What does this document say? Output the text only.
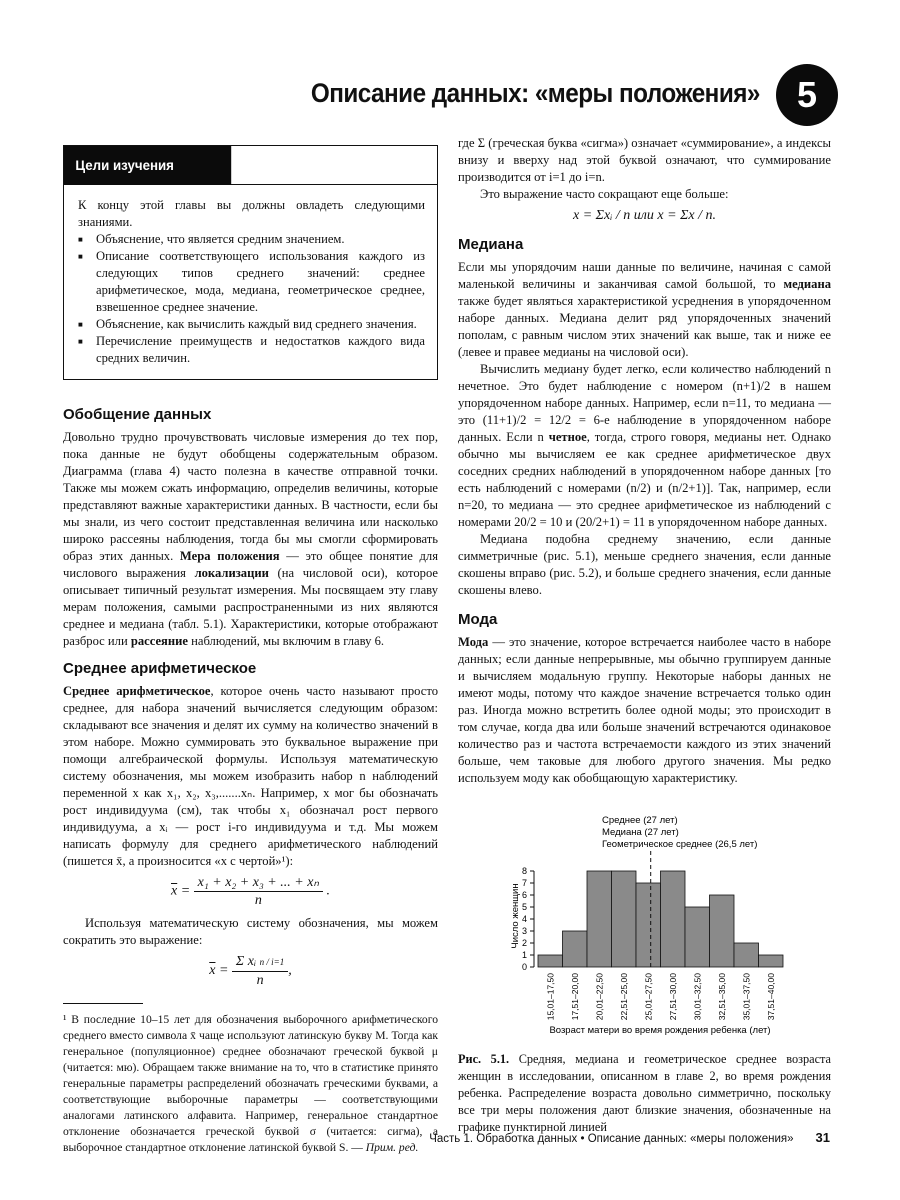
Описание данных: «меры положения»	5
Цели изучения

К концу этой главы вы должны овладеть следующими знаниями.

■ Объяснение, что является средним значением.
■ Описание соответствующего использования каждого из следующих типов среднего значений: среднее арифметическое, мода, медиана, геометрическое среднее, взвешенное среднее значение.
■ Объяснение, как вычислить каждый вид среднего значения.
■ Перечисление преимуществ и недостатков каждого вида средних величин.
Обобщение данных

Довольно трудно прочувствовать числовые измерения до тех пор, пока данные не будут обобщены содержательным образом. Диаграмма (глава 4) часто полезна в качестве отправной точки. Также мы можем сжать информацию, определив величины, которые представляют важные характеристики данных. В частности, если бы мы знали, из чего состоит представленная величина или насколько широко рассеяны наблюдения, тогда бы мы смогли сформировать образ этих данных. Мера положения — это общее понятие для числового выражения локализации (на числовой оси), которое описывает типичный результат измерения. Мы посвящаем эту главу мерам положения, самыми распространенными из них являются среднее и медиана (табл. 5.1). Характеристики, которые отображают разброс или рассеяние наблюдений, мы включим в главу 6.

Среднее арифметическое

Среднее арифметическое, которое очень часто называют просто среднее, для набора значений вычисляется следующим образом: складывают все значения и делят их сумму на количество значений в этом наборе. Можно суммировать это буквальное выражение при помощи алгебраической формулы. Используя математическую систему обозначения, мы можем изобразить набор n наблюдений переменной x как x₁, x₂, x₃,.......xₙ. Например, x мог бы обозначать рост индивидуума (см), так чтобы x₁ обозначал рост первого индивидуума, а xᵢ — рост i-го индивидуума и т.д. Мы можем написать формулу для среднего арифметического наблюдений (пишется x̄, а произносится «x с чертой»¹):

$\overline{x} = \frac{\text{x₁ + x₂ + x₃ + ... + xₙ}}{n}$ .

Используя математическую систему обозначения, мы можем сократить это выражение:

$\overline{x} = \frac{\text{Σ xᵢ n / i=1}}{n}$ ,

¹ В последние 10–15 лет для обозначения выборочного арифметического среднего вместо символа x̄ чаще используют латинскую букву M. Тогда как генеральное (популяционное) среднее обозначают греческой буквой μ (читается: мю). Обращаем также внимание на то, что в статистике принято генеральные параметры распределений обозначать греческими буквами, а соответствующие выборочные параметры — соответствующими аналогами латинского алфавита. Например, генеральное стандартное отклонение обозначается греческой буквой σ (читается: сигма), а выборочное стандартное отклонение латинской буквой S. — Прим. ред.

где Σ (греческая буква «сигма») означает «суммирование», а индексы внизу и вверху над этой буквой означают, что суммирование производится от i=1 до i=n.

Это выражение часто сокращают еще больше:

x = Σxᵢ / n или x = Σx / n.
Медиана

Если мы упорядочим наши данные по величине, начиная с самой маленькой величины и заканчивая самой большой, то медиана также будет являться характеристикой усреднения в упорядоченном наборе данных. Медиана делит ряд упорядоченных значений пополам, с равным числом этих значений как выше, так и ниже ее (левее и правее медианы на числовой оси).

Вычислить медиану будет легко, если количество наблюдений n нечетное. Это будет наблюдение с номером (n+1)/2 в нашем упорядоченном наборе данных. Например, если n=11, то медиана — это (11+1)/2 = 12/2 = 6-е наблюдение в упорядоченном наборе данных. Если n четное, тогда, строго говоря, медианы нет. Однако обычно мы вычисляем ее как среднее арифметическое двух соседних средних наблюдений в упорядоченном наборе данных [то есть наблюдений с номерами (n/2) и (n/2+1)]. Так, например, если n=20, то медиана — это среднее арифметическое из наблюдений с номерами 20/2 = 10 и (20/2+1) = 11 в упорядоченном наборе данных.

Медиана подобна среднему значению, если данные симметричные (рис. 5.1), меньше среднего значения, если данные скошены вправо (рис. 5.2), и больше среднего значения, если данные скошены влево.

Мода

Мода — это значение, которое встречается наиболее часто в наборе данных; если данные непрерывные, мы обычно группируем данные и вычисляем модальную группу. Некоторые наборы данных не имеют моды, потому что каждое значение встречается только один раз. Иногда можно встретить более одной моды; это происходит в том случае, когда два или больше значений встречаются одинаковое количество раз и частота встречаемости каждого из этих значений больше, чем таковые для любого другого значения. Мы редко используем моду как обобщающую характеристику.

Среднее (27 лет)
Медиана (27 лет)
Геометрическое среднее (26,5 лет)
Число женщин
Возраст матери во время рождения ребенка (лет)
0
1
2
3
4
5
6
7
8
15,01–17,50 17,51–20,00 20,01–22,50 22,51–25,00 25,01–27,50 27,51–30,00 30,01–32,50 32,51–35,00 35,01–37,50 37,51–40,00

Рис. 5.1. Средняя, медиана и геометрическое среднее возраста женщин в исследовании, описанном в главе 2, во время рождения ребенка. Распределение возраста довольно симметрично, поскольку все три меры положения дают близкие значения, обозначенные на графике пунктирной линией

Часть 1. Обработка данных • Описание данных: «меры положения» 31
